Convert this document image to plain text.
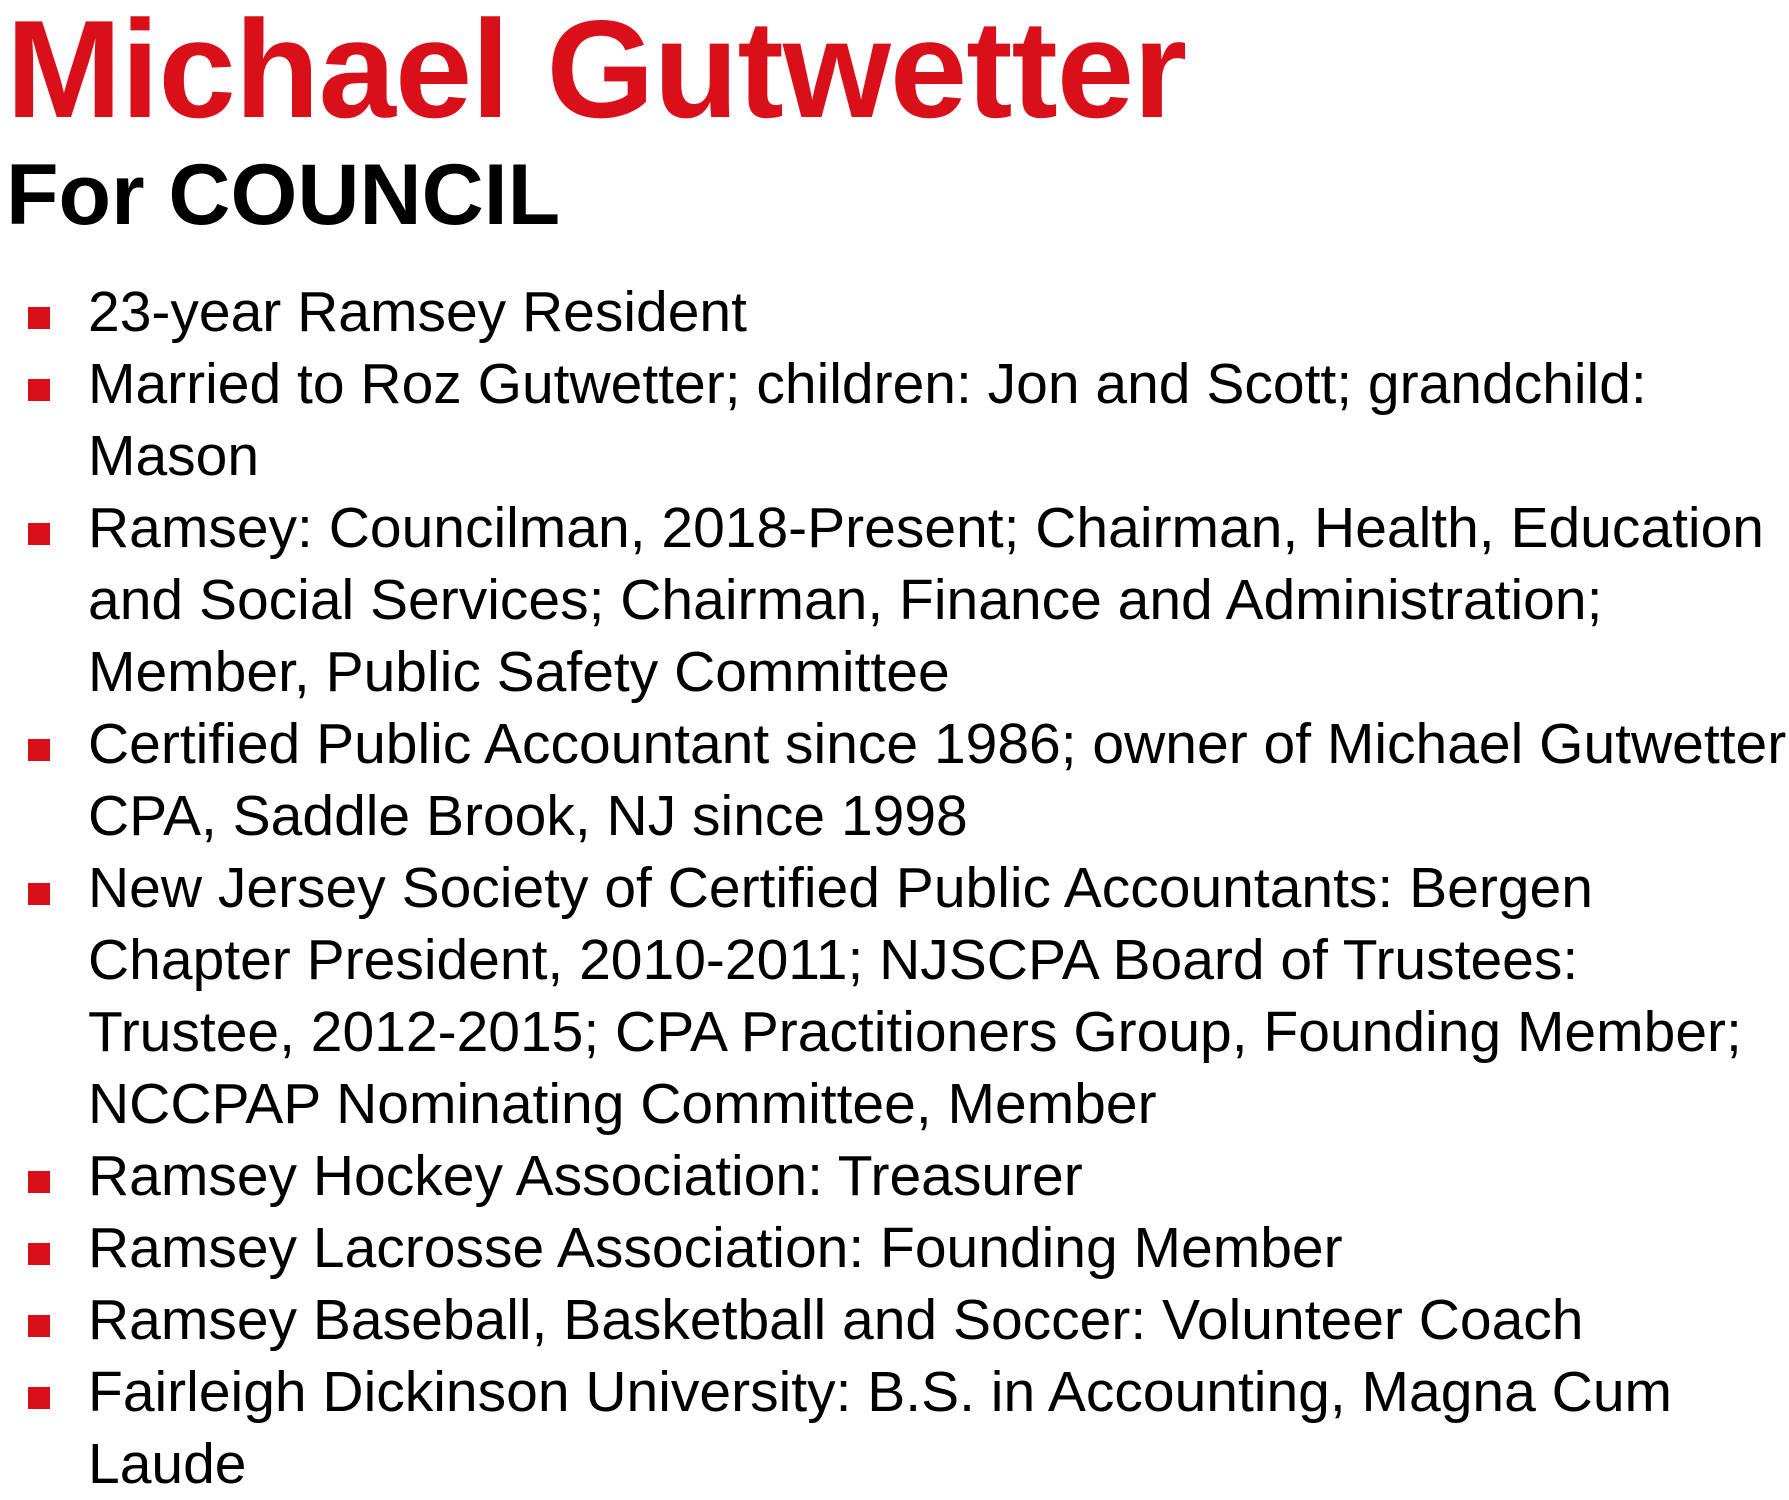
Michael Gutwetter
For COUNCIL
23-year Ramsey Resident
Married to Roz Gutwetter; children: Jon and Scott; grandchild: Mason
Ramsey: Councilman, 2018-Present; Chairman, Health, Education and Social Services; Chairman, Finance and Administration; Member, Public Safety Committee
Certified Public Accountant since 1986; owner of Michael Gutwetter CPA, Saddle Brook, NJ since 1998
New Jersey Society of Certified Public Accountants: Bergen Chapter President, 2010-2011; NJSCPA Board of Trustees: Trustee, 2012-2015; CPA Practitioners Group, Founding Member; NCCPAP Nominating Committee, Member
Ramsey Hockey Association: Treasurer
Ramsey Lacrosse Association: Founding Member
Ramsey Baseball, Basketball and Soccer: Volunteer Coach
Fairleigh Dickinson University: B.S. in Accounting, Magna Cum Laude
